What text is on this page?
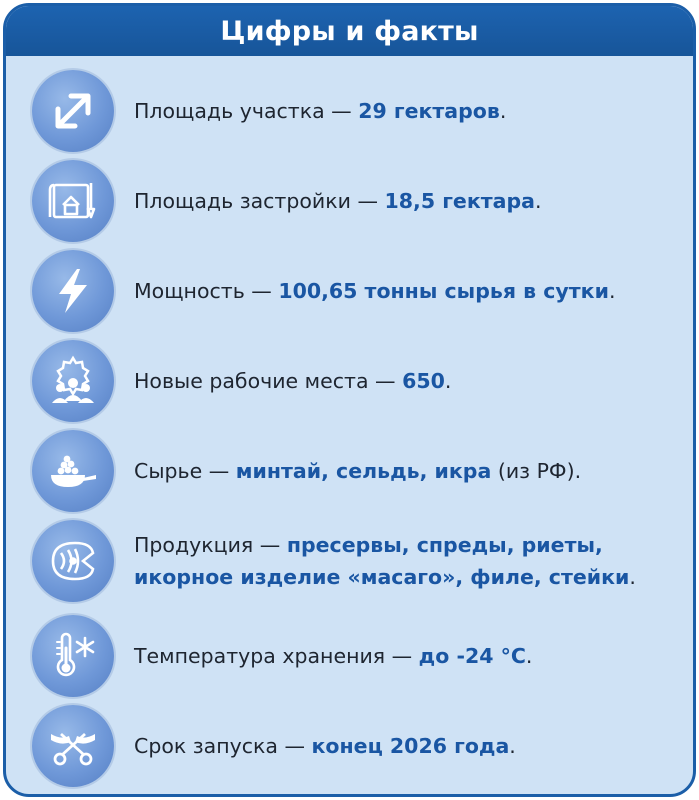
Цифры и факты
Площадь участка — 29 гектаров.
Площадь застройки — 18,5 гектара.
Мощность — 100,65 тонны сырья в сутки.
Новые рабочие места — 650.
Сырье — минтай, сельдь, икра (из РФ).
Продукция — пресервы, спреды, риеты, икорное изделие «масаго», филе, стейки.
Температура хранения — до -24 °С.
Срок запуска — конец 2026 года.
